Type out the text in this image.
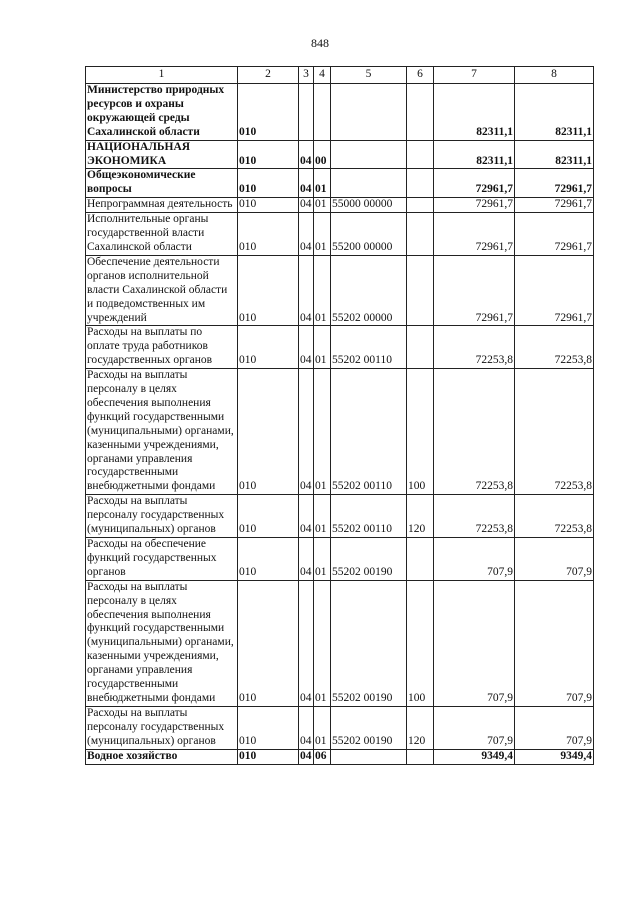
848
1	2	3	4	5	6	7	8
Министерство природных ресурсов и охраны окружающей среды Сахалинской области	010					82311,1	82311,1
НАЦИОНАЛЬНАЯ ЭКОНОМИКА	010	04	00			82311,1	82311,1
Общеэкономические вопросы	010	04	01			72961,7	72961,7
Непрограммная деятельность	010	04	01	55000 00000		72961,7	72961,7
Исполнительные органы государственной власти Сахалинской области	010	04	01	55200 00000		72961,7	72961,7
Обеспечение деятельности органов исполнительной власти Сахалинской области и подведомственных им учреждений	010	04	01	55202 00000		72961,7	72961,7
Расходы на выплаты по оплате труда работников государственных органов	010	04	01	55202 00110		72253,8	72253,8
Расходы на выплаты персоналу в целях обеспечения выполнения функций государственными (муниципальными) органами, казенными учреждениями, органами управления государственными внебюджетными фондами	010	04	01	55202 00110	100	72253,8	72253,8
Расходы на выплаты персоналу государственных (муниципальных) органов	010	04	01	55202 00110	120	72253,8	72253,8
Расходы на обеспечение функций государственных органов	010	04	01	55202 00190		707,9	707,9
Расходы на выплаты персоналу в целях обеспечения выполнения функций государственными (муниципальными) органами, казенными учреждениями, органами управления государственными внебюджетными фондами	010	04	01	55202 00190	100	707,9	707,9
Расходы на выплаты персоналу государственных (муниципальных) органов	010	04	01	55202 00190	120	707,9	707,9
Водное хозяйство	010	04	06			9349,4	9349,4
